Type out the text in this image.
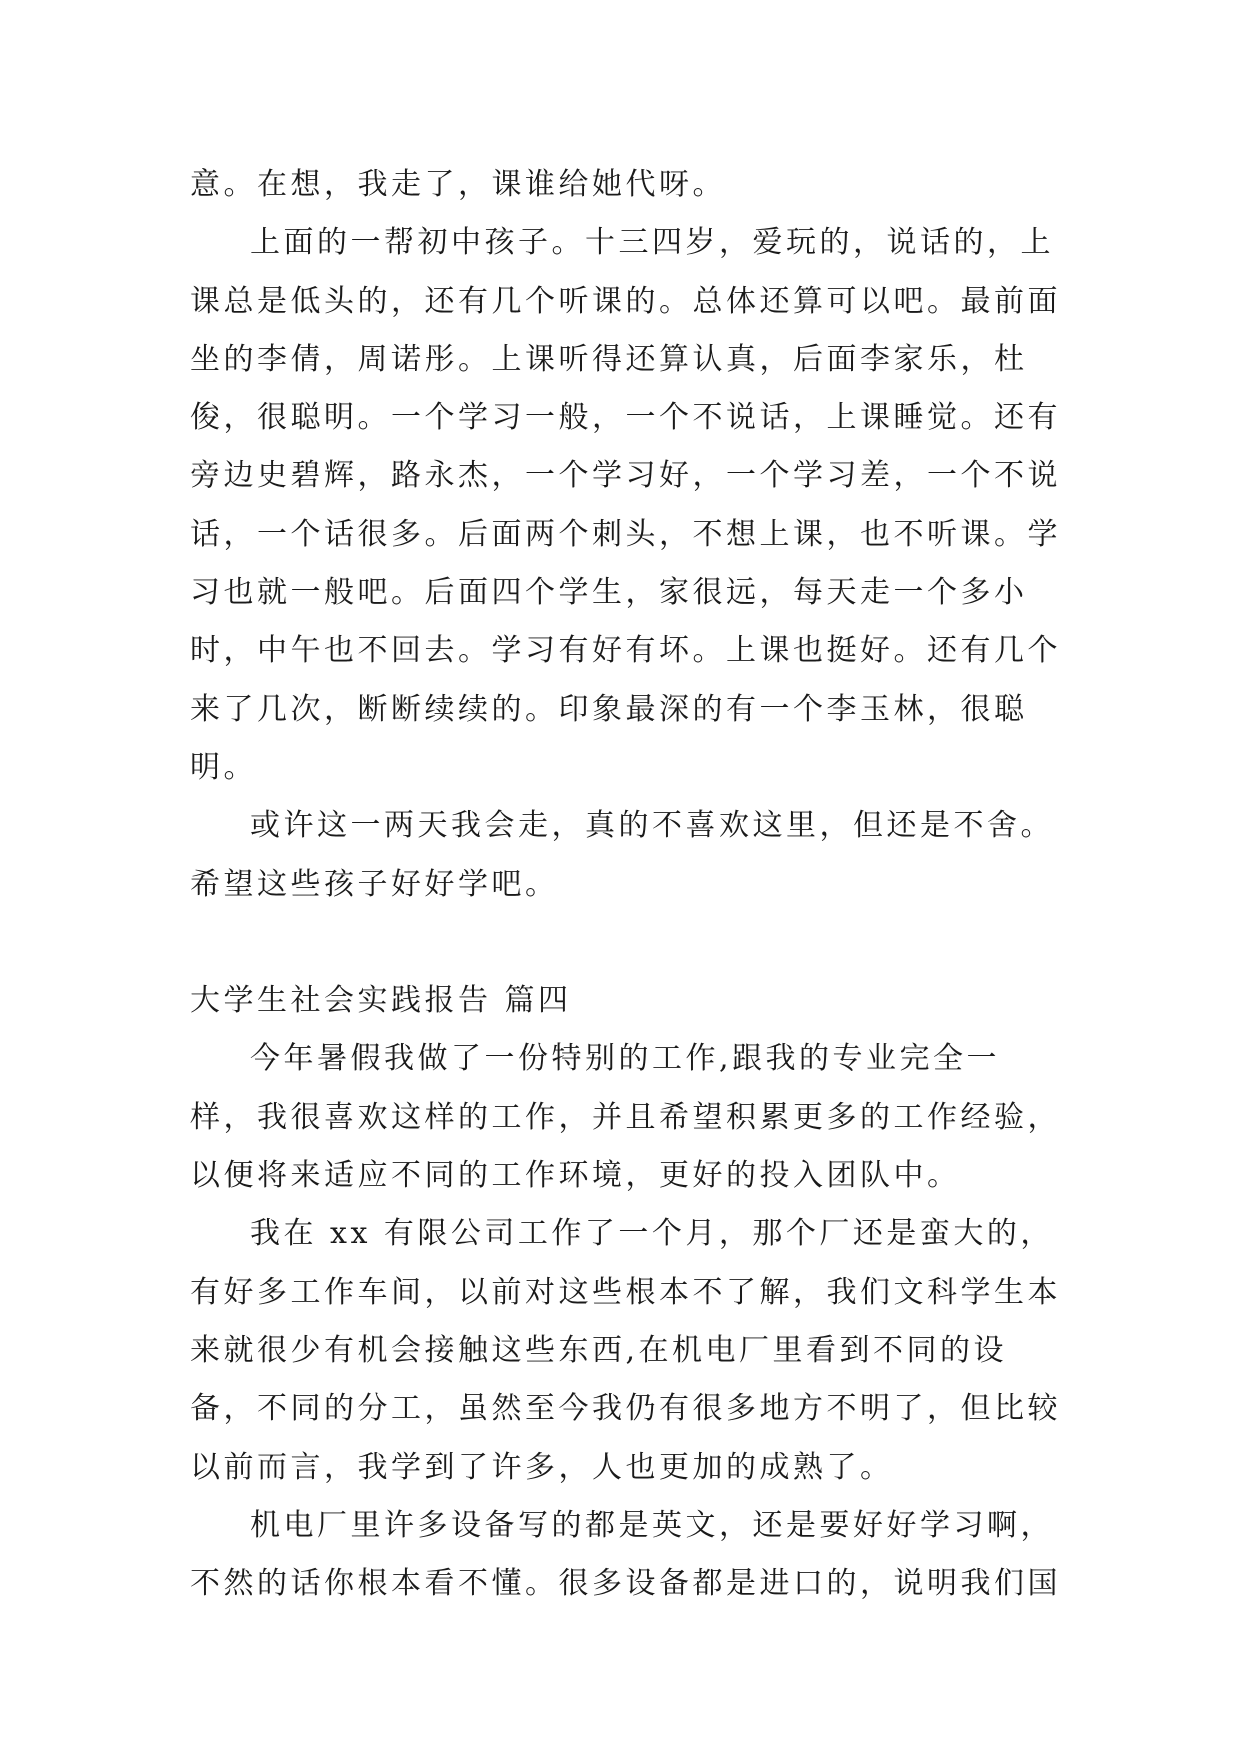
意。在想，我走了，课谁给她代呀。

上面的一帮初中孩子。十三四岁，爱玩的，说话的，上课总是低头的，还有几个听课的。总体还算可以吧。最前面坐的李倩，周诺彤。上课听得还算认真，后面李家乐，杜俊，很聪明。一个学习一般，一个不说话，上课睡觉。还有旁边史碧辉，路永杰，一个学习好，一个学习差，一个不说话，一个话很多。后面两个刺头，不想上课，也不听课。学习也就一般吧。后面四个学生，家很远，每天走一个多小时，中午也不回去。学习有好有坏。上课也挺好。还有几个来了几次，断断续续的。印象最深的有一个李玉林，很聪明。

或许这一两天我会走，真的不喜欢这里，但还是不舍。希望这些孩子好好学吧。

大学生社会实践报告 篇四

今年暑假我做了一份特别的工作,跟我的专业完全一样，我很喜欢这样的工作，并且希望积累更多的工作经验，以便将来适应不同的工作环境，更好的投入团队中。

我在 xx 有限公司工作了一个月，那个厂还是蛮大的，有好多工作车间，以前对这些根本不了解，我们文科学生本来就很少有机会接触这些东西,在机电厂里看到不同的设备，不同的分工，虽然至今我仍有很多地方不明了，但比较以前而言，我学到了许多，人也更加的成熟了。

机电厂里许多设备写的都是英文，还是要好好学习啊，不然的话你根本看不懂。很多设备都是进口的，说明我们国
